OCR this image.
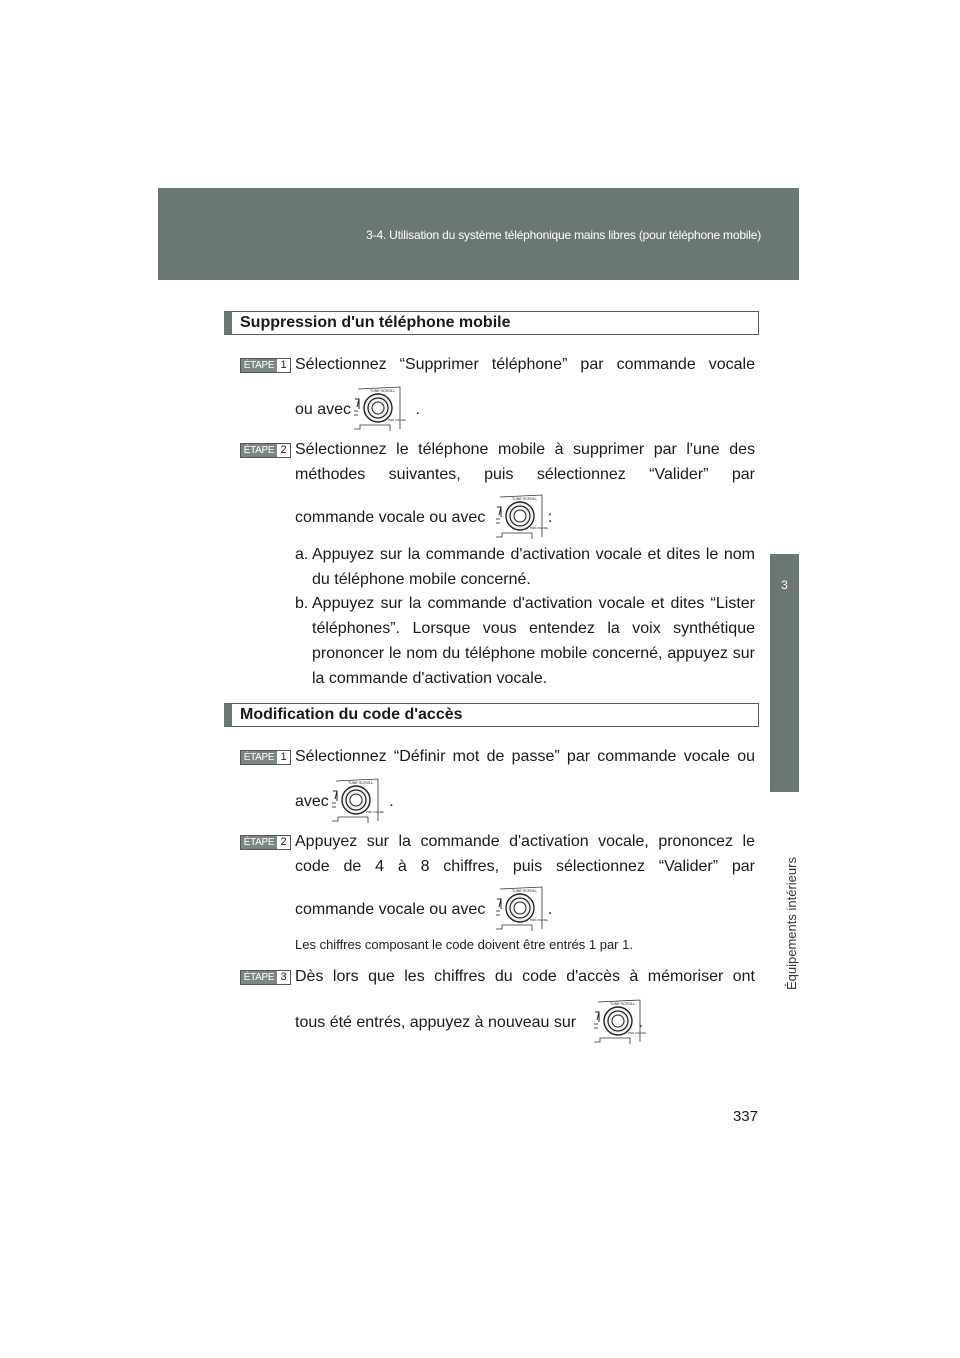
3-4. Utilisation du système téléphonique mains libres (pour téléphone mobile)
3
Équipements intérieurs
Suppression d'un téléphone mobile
ÉTAPE 1 Sélectionnez “Supprimer téléphone” par commande vocale
ou avec	.
TUNE·SCROLL
PWR·VOLUME
ÉTAPE 2 Sélectionnez le téléphone mobile à supprimer par l'une des
méthodes suivantes, puis sélectionnez “Valider” par
commande vocale ou avec	:
TUNE·SCROLL
PWR·VOLUME
a. Appuyez sur la commande d'activation vocale et dites le nom du téléphone mobile concerné.
b. Appuyez sur la commande d'activation vocale et dites “Lister téléphones”. Lorsque vous entendez la voix synthétique prononcer le nom du téléphone mobile concerné, appuyez sur la commande d'activation vocale.
Modification du code d'accès
ÉTAPE 1 Sélectionnez “Définir mot de passe” par commande vocale ou
avec	.
TUNE·SCROLL
PWR·VOLUME
ÉTAPE 2 Appuyez sur la commande d'activation vocale, prononcez le
code de 4 à 8 chiffres, puis sélectionnez “Valider” par
commande vocale ou avec	.
TUNE·SCROLL
PWR·VOLUME
Les chiffres composant le code doivent être entrés 1 par 1.
ÉTAPE 3 Dès lors que les chiffres du code d'accès à mémoriser ont
tous été entrés, appuyez à nouveau sur	.
TUNE·SCROLL
PWR·VOLUME
337
